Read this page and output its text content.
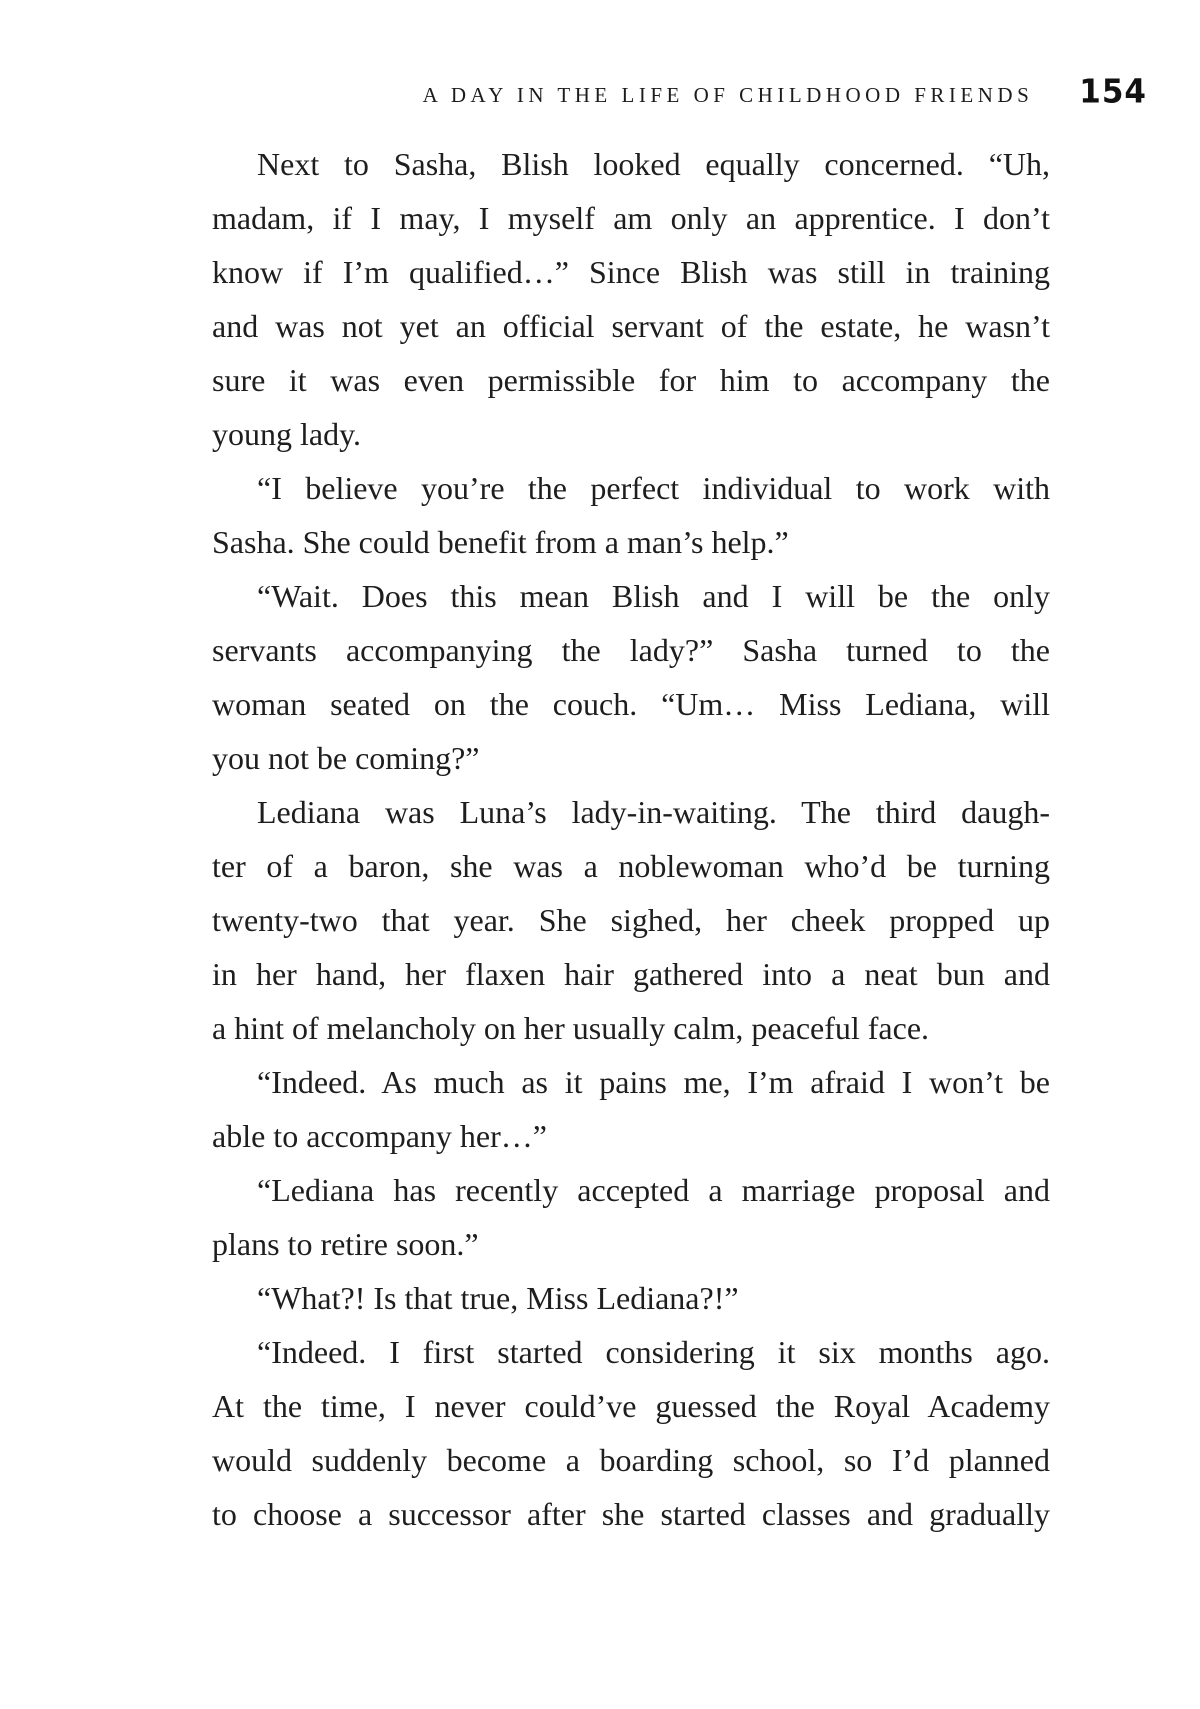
A DAY IN THE LIFE OF CHILDHOOD FRIENDS 154
Next to Sasha, Blish looked equally concerned. “Uh,
madam, if I may, I myself am only an apprentice. I don’t
know if I’m qualified…” Since Blish was still in training
and was not yet an official servant of the estate, he wasn’t
sure it was even permissible for him to accompany the
young lady.
“I believe you’re the perfect individual to work with
Sasha. She could benefit from a man’s help.”
“Wait. Does this mean Blish and I will be the only
servants accompanying the lady?” Sasha turned to the
woman seated on the couch. “Um… Miss Lediana, will
you not be coming?”
Lediana was Luna’s lady-in-waiting. The third daugh-
ter of a baron, she was a noblewoman who’d be turning
twenty-two that year. She sighed, her cheek propped up
in her hand, her flaxen hair gathered into a neat bun and
a hint of melancholy on her usually calm, peaceful face.
“Indeed. As much as it pains me, I’m afraid I won’t be
able to accompany her…”
“Lediana has recently accepted a marriage proposal and
plans to retire soon.”
“What?! Is that true, Miss Lediana?!”
“Indeed. I first started considering it six months ago.
At the time, I never could’ve guessed the Royal Academy
would suddenly become a boarding school, so I’d planned
to choose a successor after she started classes and gradually
